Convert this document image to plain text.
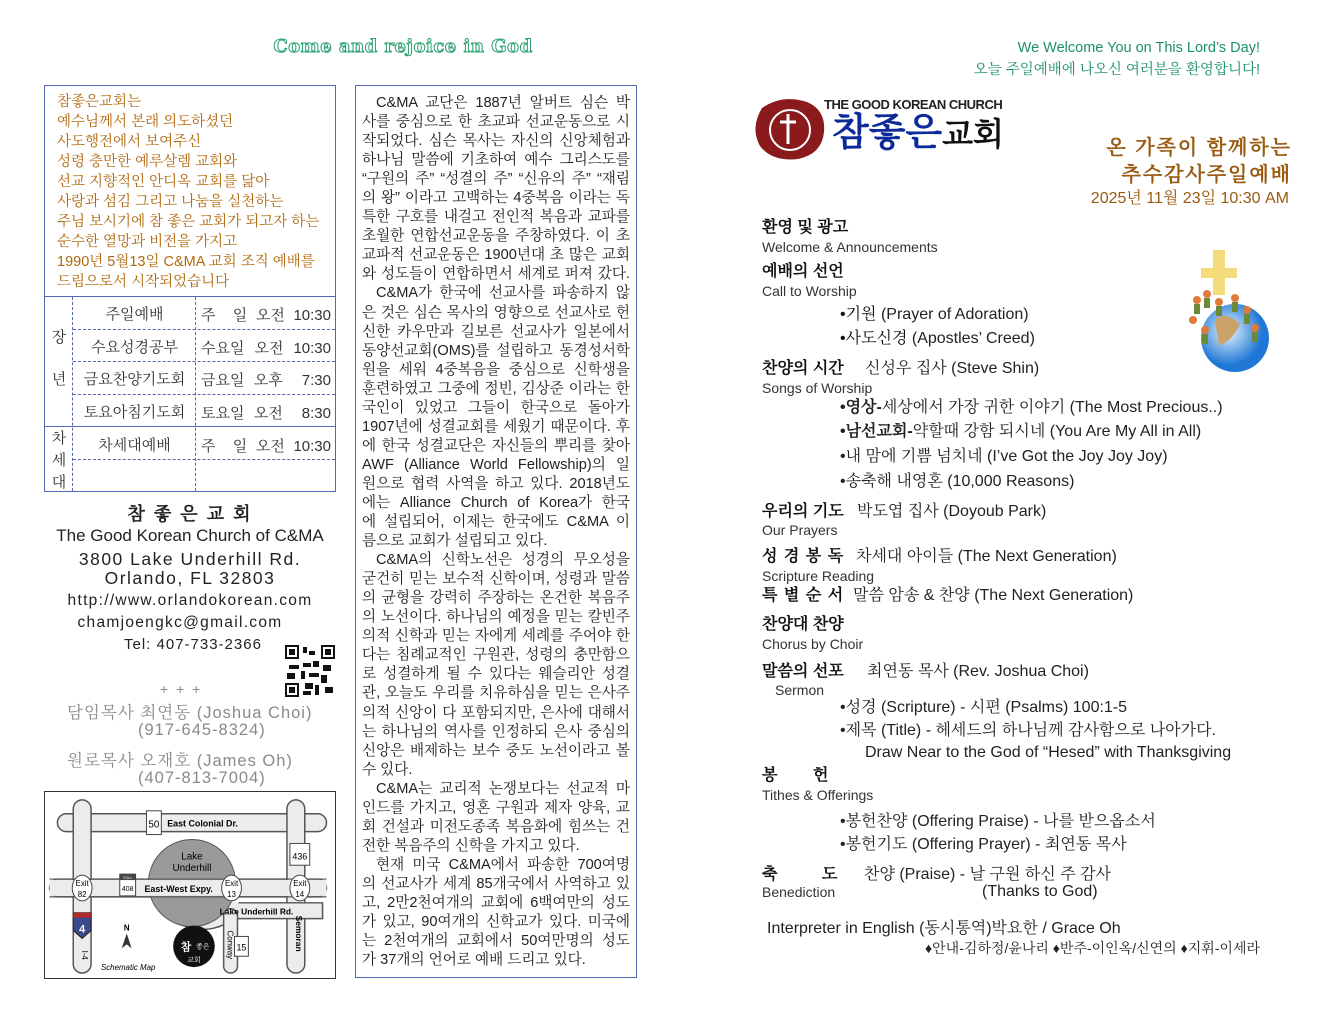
Come and rejoice in God
참좋은교회는
예수님께서 본래 의도하셨던
사도행전에서 보여주신
성령 충만한 예루살렘 교회와
선교 지향적인 안디옥 교회를 닮아
사랑과 섬김 그리고 나눔을 실천하는
주님 보시기에 참 좋은 교회가 되고자 하는
순수한 열망과 비전을 가지고
1990년 5월13일 C&MA 교회 조직 예배를
드림으로서 시작되었습니다
장
년
차
세
대
주일예배	주  일 오전 10:30
수요성경공부	수요일 오전 10:30
금요찬양기도회	금요일 오후  7:30
토요아침기도회	토요일 오전  8:30
차세대예배	주  일 오전 10:30
참 좋 은 교 회
The Good Korean Church of C&MA
3800 Lake Underhill Rd.
Orlando, FL 32803
http://www.orlandokorean.com
chamjoengkc@gmail.com
Tel: 407-733-2366
+ + +
담임목사 최연동 (Joshua Choi)
(917-645-8324)
원로목사 오재호 (James Oh)
(407-813-7004)
Lake
Underhill
50 East Colonial Dr.
436
East-West Expy.
TOLL
408
Exit
82
Exit
13
Exit
14
4
I-4
Lake Underhill Rd.
Conway	Semoran
15
N
참 좋은
교회
Schematic Map
C&MA 교단은 1887년 알버트 심슨 박
사를 중심으로 한 초교파 선교운동으로 시
작되었다. 심슨 목사는 자신의 신앙체험과
하나님 말씀에 기초하여 예수 그리스도를
“구원의 주” “성결의 주” “신유의 주” “재림
의 왕” 이라고 고백하는 4중복음 이라는 독
특한 구호를 내걸고 전인적 복음과 교파를
초월한 연합선교운동을 주창하였다. 이 초
교파적 선교운동은 1900년대 초 많은 교회
와 성도들이 연합하면서 세계로 퍼져 갔다.
C&MA가 한국에 선교사를 파송하지 않
은 것은 심슨 목사의 영향으로 선교사로 헌
신한 카우만과 길보른 선교사가 일본에서
동양선교회(OMS)를 설립하고 동경성서학
원을 세워 4중복음을 중심으로 신학생을
훈련하였고 그중에 정빈, 김상준 이라는 한
국인이 있었고 그들이 한국으로 돌아가
1907년에 성결교회를 세웠기 때문이다. 후
에 한국 성결교단은 자신들의 뿌리를 찾아
AWF (Alliance World Fellowship)의 일
원으로 협력 사역을 하고 있다. 2018년도
에는 Alliance Church of Korea가 한국
에 설립되어, 이제는 한국에도 C&MA 이
름으로 교회가 설립되고 있다.
C&MA의 신학노선은 성경의 무오성을
굳건히 믿는 보수적 신학이며, 성령과 말씀
의 균형을 강력히 주장하는 온건한 복음주
의 노선이다. 하나님의 예정을 믿는 칼빈주
의적 신학과 믿는 자에게 세례를 주어야 한
다는 침례교적인 구원관, 성령의 충만함으
로 성결하게 될 수 있다는 웨슬리안 성결
관, 오늘도 우리를 치유하심을 믿는 은사주
의적 신앙이 다 포함되지만, 은사에 대해서
는 하나님의 역사를 인정하되 은사 중심의
신앙은 배제하는 보수 중도 노선이라고 볼
수 있다.
C&MA는 교리적 논쟁보다는 선교적 마
인드를 가지고, 영혼 구원과 제자 양육, 교
회 건설과 미전도종족 복음화에 힘쓰는 건
전한 복음주의 신학을 가지고 있다.
현재 미국 C&MA에서 파송한 700여명
의 선교사가 세계 85개국에서 사역하고 있
고, 2만2천여개의 교회에 6백여만의 성도
가 있고, 90여개의 신학교가 있다. 미국에
는 2천여개의 교회에서 50여만명의 성도
가 37개의 언어로 예배 드리고 있다.
We Welcome You on This Lord’s Day!
오늘 주일예배에 나오신 여러분을 환영합니다!
THE GOOD KOREAN CHURCH
참좋은교회	온 가족이 함께하는
추수감사주일예배
2025년 11월 23일 10:30 AM
환영 및 광고
Welcome & Announcements
예배의 선언
Call to Worship
•기원 (Prayer of Adoration)
•사도신경 (Apostles’ Creed)
찬양의 시간 신성우 집사 (Steve Shin)
Songs of Worship
•영상-세상에서 가장 귀한 이야기 (The Most Precious..)
•남선교회-약할때 강함 되시네 (You Are My All in All)
•내 맘에 기쁨 넘치네 (I’ve Got the Joy Joy Joy)
•송축해 내영혼 (10,000 Reasons)
우리의 기도 박도엽 집사 (Doyoub Park)
Our Prayers
성 경 봉 독 차세대 아이들 (The Next Generation)
Scripture Reading
특 별 순 서 말씀 암송 & 찬양 (The Next Generation)
찬양대 찬양
Chorus by Choir
말씀의 선포 최연동 목사 (Rev. Joshua Choi)
Sermon
•성경 (Scripture) - 시편 (Psalms) 100:1-5
•제목 (Title) - 헤세드의 하나님께 감사함으로 나아가다.
Draw Near to the God of “Hesed” with Thanksgiving
봉        헌
Tithes & Offerings
•봉헌찬양 (Offering Praise) - 나를 받으옵소서
•봉헌기도 (Offering Prayer) - 최연동 목사
축          도 찬양 (Praise) - 날 구원 하신 주 감사
Benediction	(Thanks to God)
Interpreter in English (동시통역)박요한 / Grace Oh
♦안내-김하정/윤나리 ♦반주-이인옥/신연의 ♦지휘-이세라
